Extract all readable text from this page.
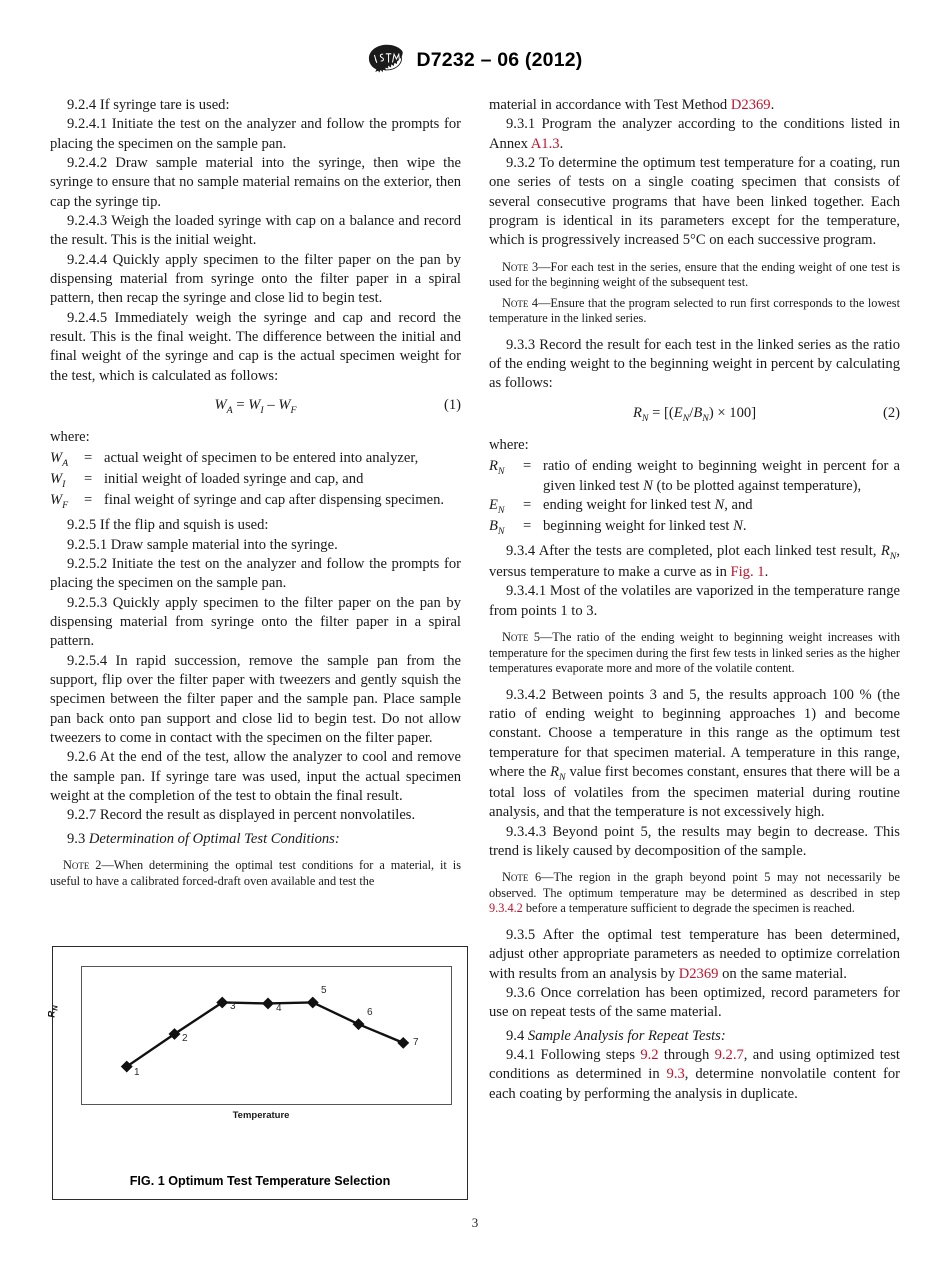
D7232 – 06 (2012)

9.2.4 If syringe tare is used:

9.2.4.1 Initiate the test on the analyzer and follow the prompts for placing the specimen on the sample pan.

9.2.4.2 Draw sample material into the syringe, then wipe the syringe to ensure that no sample material remains on the exterior, then cap the syringe tip.

9.2.4.3 Weigh the loaded syringe with cap on a balance and record the result. This is the initial weight.

9.2.4.4 Quickly apply specimen to the filter paper on the pan by dispensing material from syringe onto the filter paper in a spiral pattern, then recap the syringe and close lid to begin test.

9.2.4.5 Immediately weigh the syringe and cap and record the result. This is the final weight. The difference between the initial and final weight of the syringe and cap is the actual specimen weight for the test, which is calculated as follows:

$W_A = W_I - W_F$	(1)

where:

$W_A$	=	actual weight of specimen to be entered into analyzer,
$W_I$	=	initial weight of loaded syringe and cap, and
$W_F$	=	final weight of syringe and cap after dispensing specimen.

9.2.5 If the flip and squish is used:

9.2.5.1 Draw sample material into the syringe.

9.2.5.2 Initiate the test on the analyzer and follow the prompts for placing the specimen on the sample pan.

9.2.5.3 Quickly apply specimen to the filter paper on the pan by dispensing material from syringe onto the filter paper in a spiral pattern.

9.2.5.4 In rapid succession, remove the sample pan from the support, flip over the filter paper with tweezers and gently squish the specimen between the filter paper and the sample pan. Place sample pan back onto pan support and close lid to begin test. Do not allow tweezers to come in contact with the specimen on the filter paper.

9.2.6 At the end of the test, allow the analyzer to cool and remove the sample pan. If syringe tare was used, input the actual specimen weight at the completion of the test to obtain the final result.

9.2.7 Record the result as displayed in percent nonvolatiles.

9.3 Determination of Optimal Test Conditions:

Note 2—When determining the optimal test conditions for a material, it is useful to have a calibrated forced-draft oven available and test the

material in accordance with Test Method D2369.

9.3.1 Program the analyzer according to the conditions listed in Annex A1.3.

9.3.2 To determine the optimum test temperature for a coating, run one series of tests on a single coating specimen that consists of several consecutive programs that have been linked together. Each program is identical in its parameters except for the temperature, which is progressively increased 5°C on each successive program.

Note 3—For each test in the series, ensure that the ending weight of one test is used for the beginning weight of the subsequent test.

Note 4—Ensure that the program selected to run first corresponds to the lowest temperature in the linked series.

9.3.3 Record the result for each test in the linked series as the ratio of the ending weight to the beginning weight in percent by calculating as follows:

$R_N = [(E_N/B_N) \times 100]$	(2)

where:

$R_N$	=	ratio of ending weight to beginning weight in percent for a given linked test N (to be plotted against temperature),
$E_N$	=	ending weight for linked test N, and
$B_N$	=	beginning weight for linked test N.

9.3.4 After the tests are completed, plot each linked test result, $R_N$, versus temperature to make a curve as in Fig. 1.

9.3.4.1 Most of the volatiles are vaporized in the temperature range from points 1 to 3.

Note 5—The ratio of the ending weight to beginning weight increases with temperature for the specimen during the first few tests in linked series as the higher temperatures evaporate more and more of the volatile content.

9.3.4.2 Between points 3 and 5, the results approach 100 % (the ratio of ending weight to beginning approaches 1) and become constant. Choose a temperature in this range as the optimum test temperature for that specimen material. A temperature in this range, where the $R_N$ value first becomes constant, ensures that there will be a total loss of volatiles from the specimen material during routine analysis, and that the temperature is not excessively high.

9.3.4.3 Beyond point 5, the results may begin to decrease. This trend is likely caused by decomposition of the sample.

Note 6—The region in the graph beyond point 5 may not necessarily be observed. The optimum temperature may be determined as described in step 9.3.4.2 before a temperature sufficient to degrade the specimen is reached.

9.3.5 After the optimal test temperature has been determined, adjust other appropriate parameters as needed to optimize correlation with results from an analysis by D2369 on the same material.

9.3.6 Once correlation has been optimized, record parameters for use on repeat tests of the same material.

9.4 Sample Analysis for Repeat Tests:

9.4.1 Following steps 9.2 through 9.2.7, and using optimized test conditions as determined in 9.3, determine nonvolatile content for each coating by performing the analysis in duplicate.

$R_N$
1
2
3	4
5
6
7
Temperature
FIG. 1 Optimum Test Temperature Selection
3
